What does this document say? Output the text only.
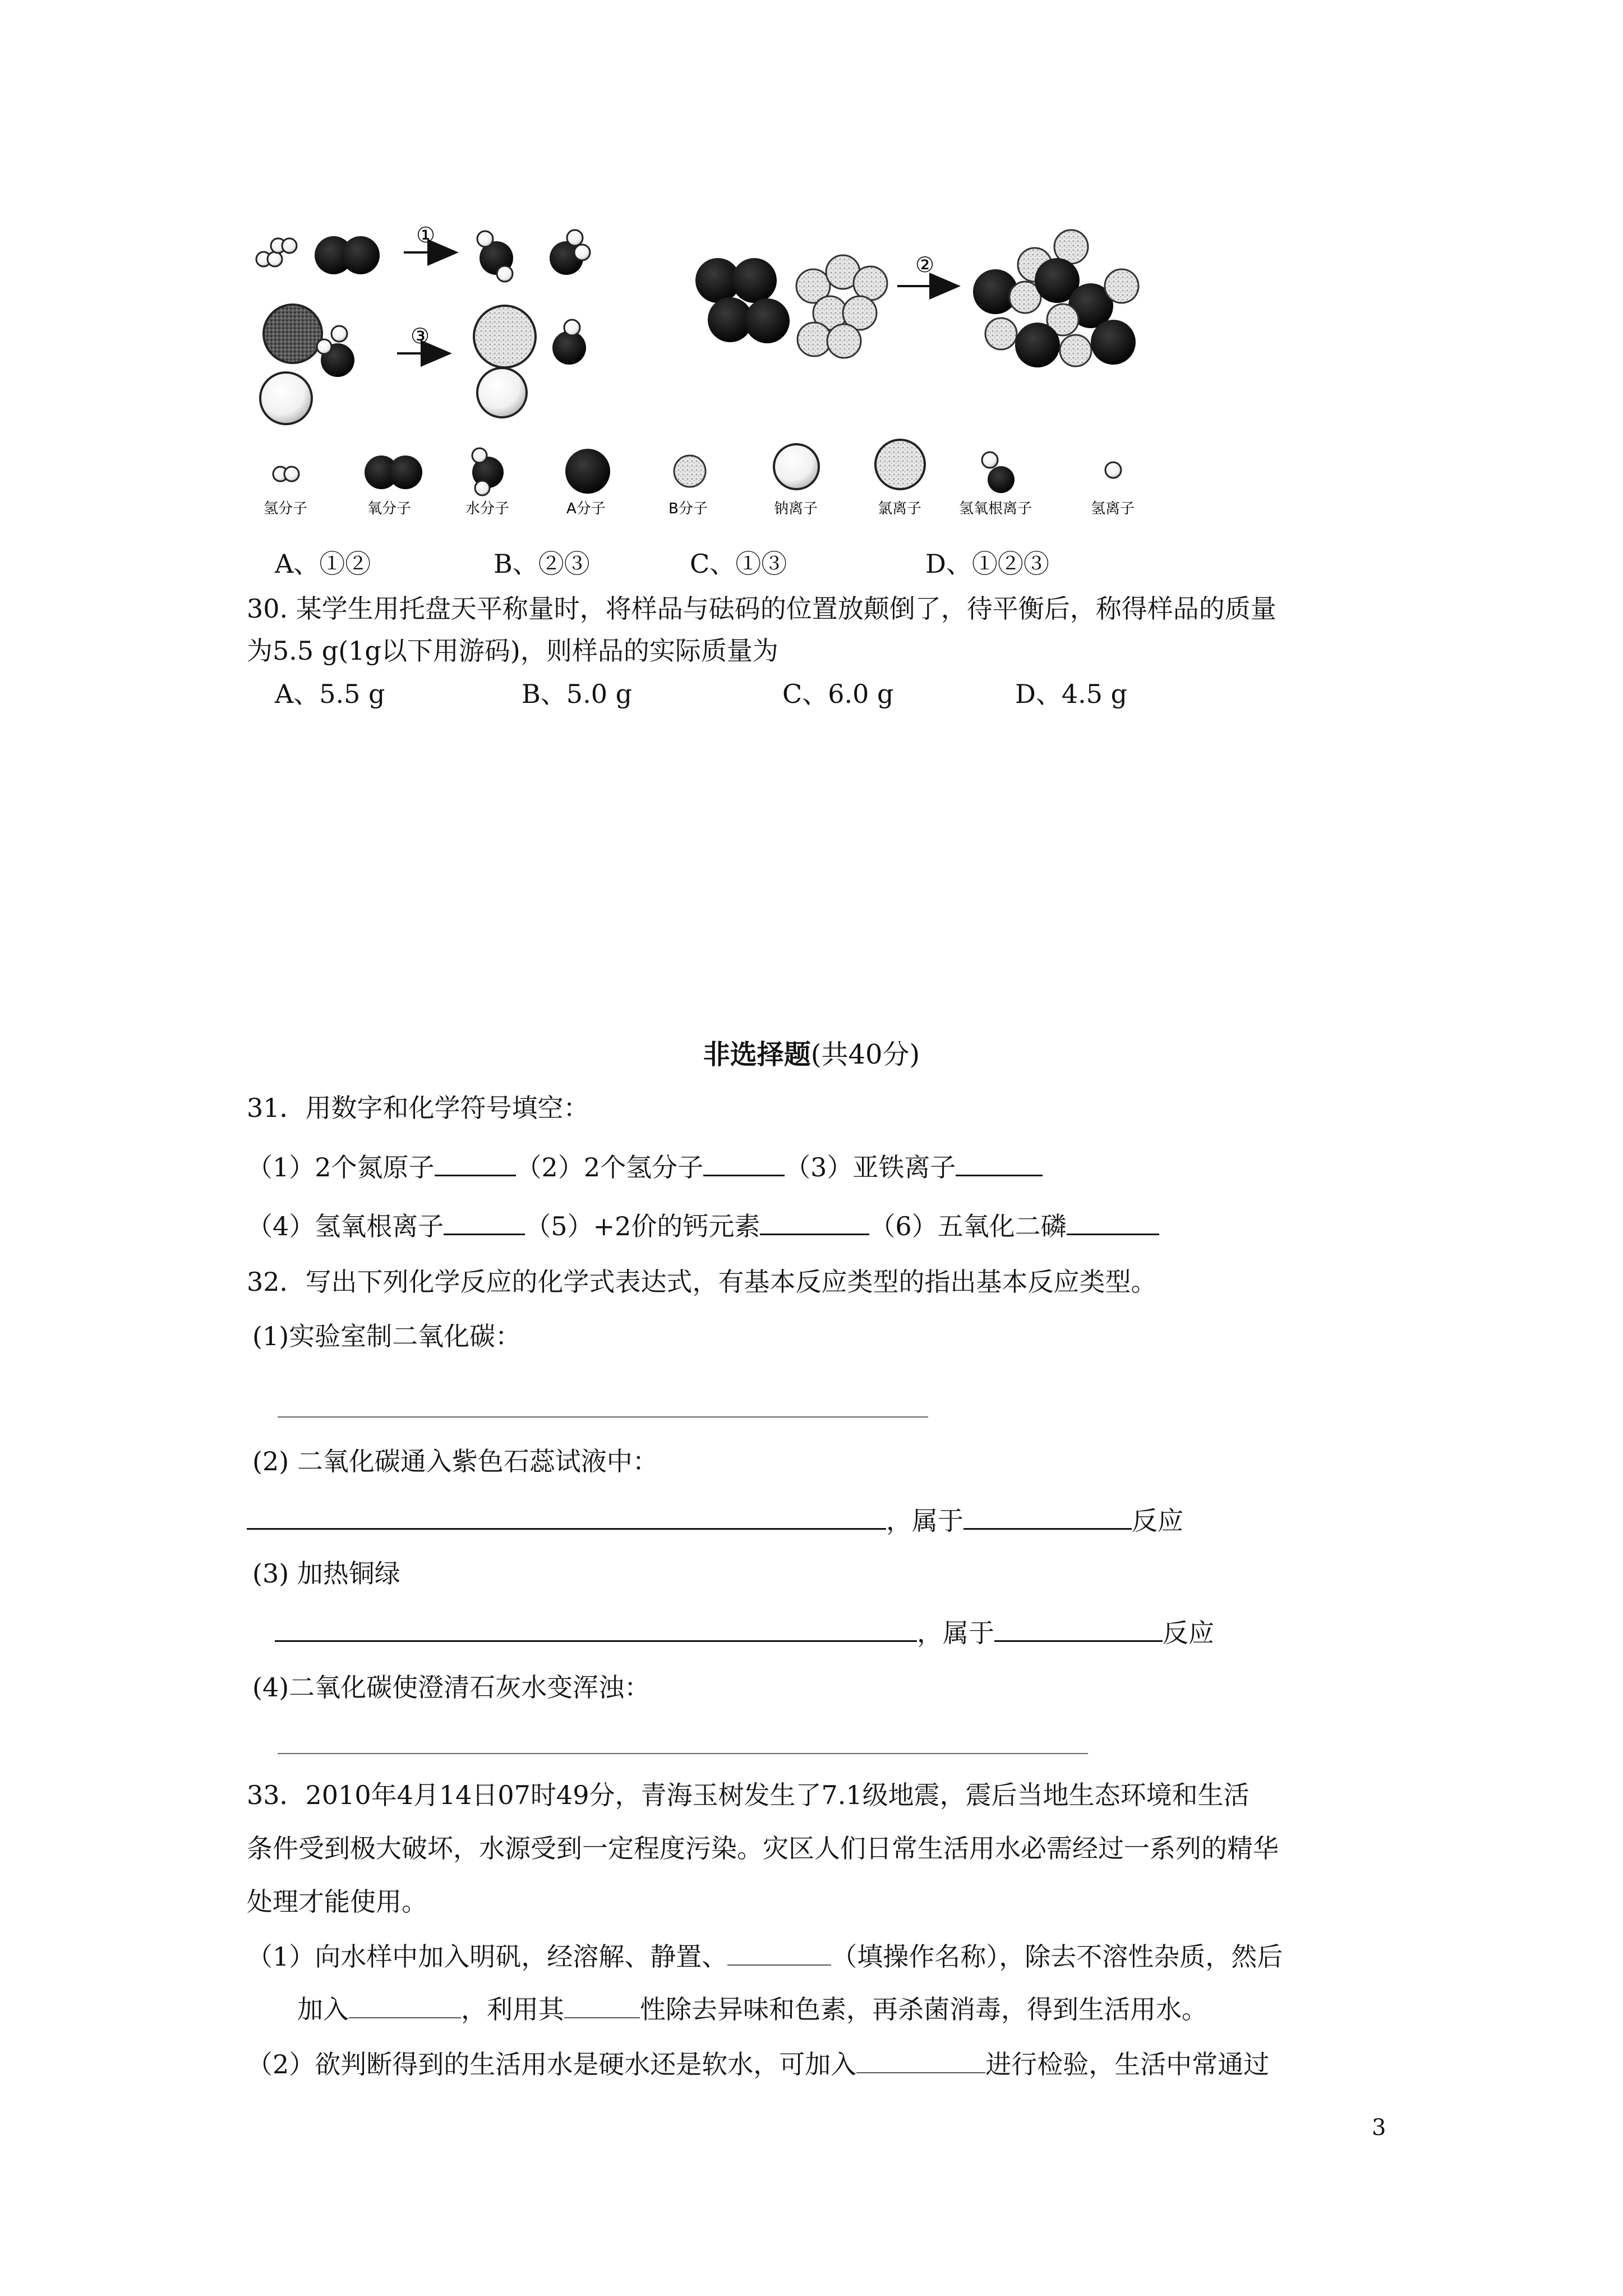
①
③
②
氢分子	氧分子	水分子	A分子	B分子	钠离子	氯离子	氢氧根离子	氢离子
A、①②	B、②③	C、①③	D、①②③
30. 某学生用托盘天平称量时，将样品与砝码的位置放颠倒了，待平衡后，称得样品的质量
为5.5 g(1g以下用游码)，则样品的实际质量为
A、5.5 g	B、5.0 g	C、6.0 g	D、4.5 g
非选择题(共40分)
31．用数字和化学符号填空：
（1）2个氮原子	（2）2个氢分子	（3）亚铁离子
（4）氢氧根离子	（5）+2价的钙元素	（6）五氧化二磷
32．写出下列化学反应的化学式表达式，有基本反应类型的指出基本反应类型。
(1)实验室制二氧化碳：
(2) 二氧化碳通入紫色石蕊试液中：
，属于	反应
(3) 加热铜绿
，属于	反应
(4)二氧化碳使澄清石灰水变浑浊：
33．2010年4月14日07时49分，青海玉树发生了7.1级地震，震后当地生态环境和生活
条件受到极大破坏，水源受到一定程度污染。灾区人们日常生活用水必需经过一系列的精华
处理才能使用。
（1）向水样中加入明矾，经溶解、静置、	（填操作名称），除去不溶性杂质，然后
加入	，利用其	性除去异味和色素，再杀菌消毒，得到生活用水。
（2）欲判断得到的生活用水是硬水还是软水，可加入	进行检验，生活中常通过
3
